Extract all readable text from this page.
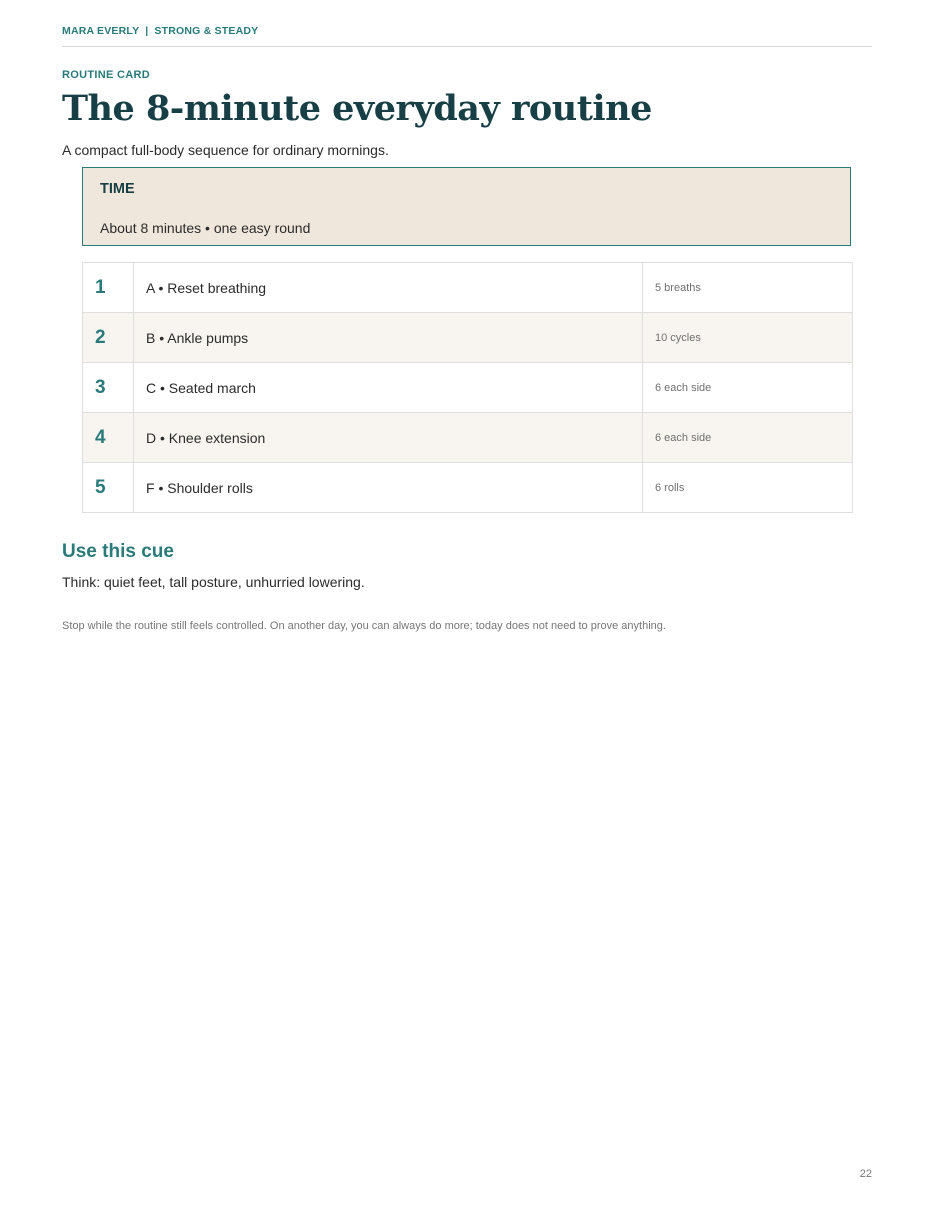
MARA EVERLY | STRONG & STEADY
ROUTINE CARD
The 8-minute everyday routine
A compact full-body sequence for ordinary mornings.
TIME
About 8 minutes • one easy round
1	A • Reset breathing	5 breaths
2	B • Ankle pumps	10 cycles
3	C • Seated march	6 each side
4	D • Knee extension	6 each side
5	F • Shoulder rolls	6 rolls
Use this cue
Think: quiet feet, tall posture, unhurried lowering.
Stop while the routine still feels controlled. On another day, you can always do more; today does not need to prove anything.
22
